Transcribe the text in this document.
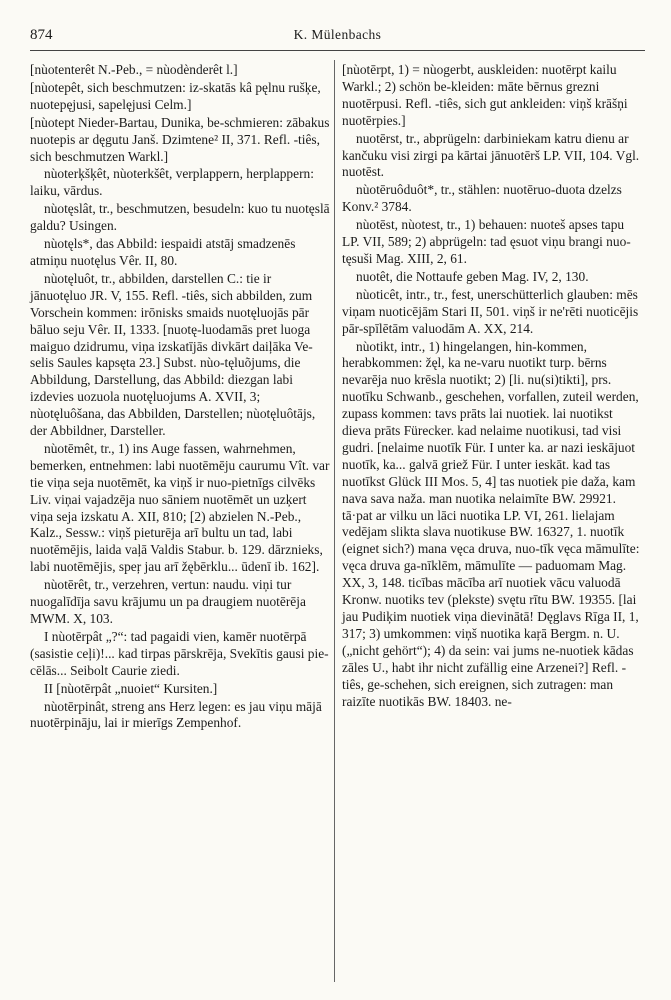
874	K. Mülenbachs

[nùotenterêt N.-Peb., = nùodènderêt l.]

[nùotepêt, sich beschmutzen: iz-skatās kâ pęlnu rušķe, nuotepęjusi, sapelęjusi Celm.]

[nùotept Nieder-Bartau, Dunika, be-schmieren: zābakus nuotepis ar dęgutu Janš. Dzimtene² II, 371. Refl. -tiês, sich beschmutzen Warkl.]

nùoterķšķêt, nùoterkšêt, verplappern, herplappern: laiku, vārdus.

nùotęslât, tr., beschmutzen, besudeln: kuo tu nuotęslā galdu? Usingen.

nùotęls*, das Abbild: iespaidi atstāj smadzenēs atmiņu nuotęlus Vêr. II, 80.

nùotęluôt, tr., abbilden, darstellen C.: tie ir jānuotęluo JR. V, 155. Refl. -tiês, sich abbilden, zum Vorschein kommen: irōnisks smaids nuotęluojās pār bāluo seju Vêr. II, 1333. [nuotę-luodamās pret luoga maiguo dzidrumu, viņa izskatījās divkārt daiļāka Ve-selis Saules kapsęta 23.] Subst. nùo-tęluõjums, die Abbildung, Darstellung, das Abbild: diezgan labi izdevies uozuola nuotęluojums A. XVII, 3; nùotęluôšana, das Abbilden, Darstellen; nùotęluôtājs, der Abbildner, Darsteller.

nùotēmêt, tr., 1) ins Auge fassen, wahrnehmen, bemerken, entnehmen: labi nuotēmēju caurumu Vît. var tie viņa seja nuotēmēt, ka viņš ir nuo-pietnīgs cilvēks Liv. viņai vajadzēja nuo sāniem nuotēmēt un uzķert viņa seja izskatu A. XII, 810; [2) abzielen N.-Peb., Kalz., Sessw.: viņš pieturēja arī bultu un tad, labi nuotēmējis, laida vaļā Valdis Stabur. b. 129. dārznieks, labi nuotēmējis, speŗ jau arī žębērklu... ūdenī ib. 162].

nùotērêt, tr., verzehren, vertun: naudu. viņi tur nuogalīdīja savu krājumu un pa draugiem nuotērēja MWM. X, 103.

I nùotērpât „?“: tad pagaidi vien, kamēr nuotērpā (sasistie ceļi)!... kad tirpas pārskrēja, Svekītis gausi pie-cēlās... Seibolt Caurie ziedi.

II [nùotērpât „nuoiet“ Kursiten.]

nùotērpinât, streng ans Herz legen: es jau viņu mājā nuotērpināju, lai ir mierīgs Zempenhof.

[nùotērpt, 1) = nùogerbt, auskleiden: nuotērpt kailu Warkl.; 2) schön be-kleiden: māte bērnus grezni nuotērpusi. Refl. -tiês, sich gut ankleiden: viņš krāšņi nuotērpies.]

nuotērst, tr., abprügeln: darbiniekam katru dienu ar kančuku visi zirgi pa kārtai jānuotērš LP. VII, 104. Vgl. nuotēst.

nùotēruôduôt*, tr., stählen: nuotēruo-duota dzelzs Konv.² 3784.

nùotēst, nùotest, tr., 1) behauen: nuoteš apses tapu LP. VII, 589; 2) abprügeln: tad ęsuot viņu brangi nuo-tęsuši Mag. XIII, 2, 61.

nuotêt, die Nottaufe geben Mag. IV, 2, 130.

nùoticêt, intr., tr., fest, unerschütterlich glauben: mēs viņam nuoticējām Stari II, 501. viņš ir ne'rēti nuoticējis pār-spīlētām valuodām A. XX, 214.

nùotikt, intr., 1) hingelangen, hin-kommen, herabkommen: žęl, ka ne-varu nuotikt turp. bērns nevarēja nuo krēsla nuotikt; 2) [li. nu(si)tikti], prs. nuotīku Schwanb., geschehen, vorfallen, zuteil werden, zupass kommen: tavs prāts lai nuotiek. lai nuotikst dieva prāts Fürecker. kad nelaime nuotikusi, tad visi gudri. [nelaime nuotīk Für. I unter ka. ar nazi ieskājuot nuotīk, ka... galvā griež Für. I unter ieskāt. kad tas nuotīkst Glück III Mos. 5, 4] tas nuotiek pie daža, kam nava sava naža. man nuotika nelaimīte BW. 29921. tā·pat ar vilku un lāci nuotika LP. VI, 261. lielajam vedējam slikta slava nuotikuse BW. 16327, 1. nuotīk (eignet sich?) mana vęca druva, nuo-tīk vęca māmulīte: vęca druva ga-nīklēm, māmulīte — paduomam Mag. XX, 3, 148. ticības mācība arī nuotiek vācu valuodā Kronw. nuotiks tev (plekste) svętu rītu BW. 19355. [lai jau Pudiķim nuotiek viņa dievinātā! Dęglavs Rīga II, 1, 317; 3) umkommen: viņš nuotika kaŗā Bergm. n. U. („nicht gehört“); 4) da sein: vai jums ne-nuotiek kādas zāles U., habt ihr nicht zufällig eine Arzenei?] Refl. -tiês, ge-schehen, sich ereignen, sich zutragen: man raizīte nuotikās BW. 18403. ne-
